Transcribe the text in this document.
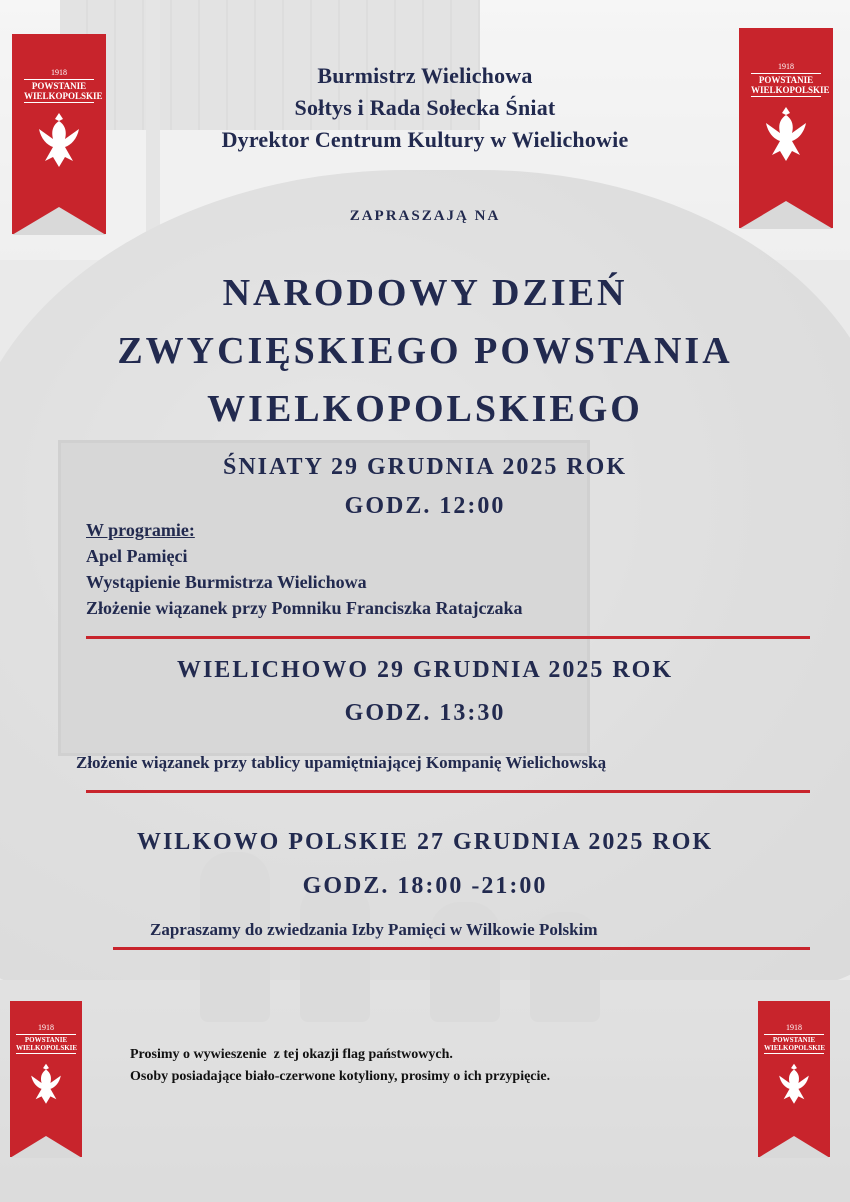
1918
POWSTANIE
WIELKOPOLSKIE
1918
POWSTANIE
WIELKOPOLSKIE
1918
POWSTANIE
WIELKOPOLSKIE
1918
POWSTANIE
WIELKOPOLSKIE
Burmistrz Wielichowa
Sołtys i Rada Sołecka Śniat
Dyrektor Centrum Kultury w Wielichowie
ZAPRASZAJĄ NA
NARODOWY DZIEŃ
ZWYCIĘSKIEGO POWSTANIA
WIELKOPOLSKIEGO
ŚNIATY 29 GRUDNIA 2025 ROK
GODZ. 12:00
W programie:
Apel Pamięci
Wystąpienie Burmistrza Wielichowa
Złożenie wiązanek przy Pomniku Franciszka Ratajczaka
WIELICHOWO 29 GRUDNIA 2025 ROK
GODZ. 13:30
Złożenie wiązanek przy tablicy upamiętniającej Kompanię Wielichowską
WILKOWO POLSKIE 27 GRUDNIA 2025 ROK
GODZ. 18:00 -21:00
Zapraszamy do zwiedzania Izby Pamięci w Wilkowie Polskim
Prosimy o wywieszenie  z tej okazji flag państwowych.
Osoby posiadające biało-czerwone kotyliony, prosimy o ich przypięcie.
